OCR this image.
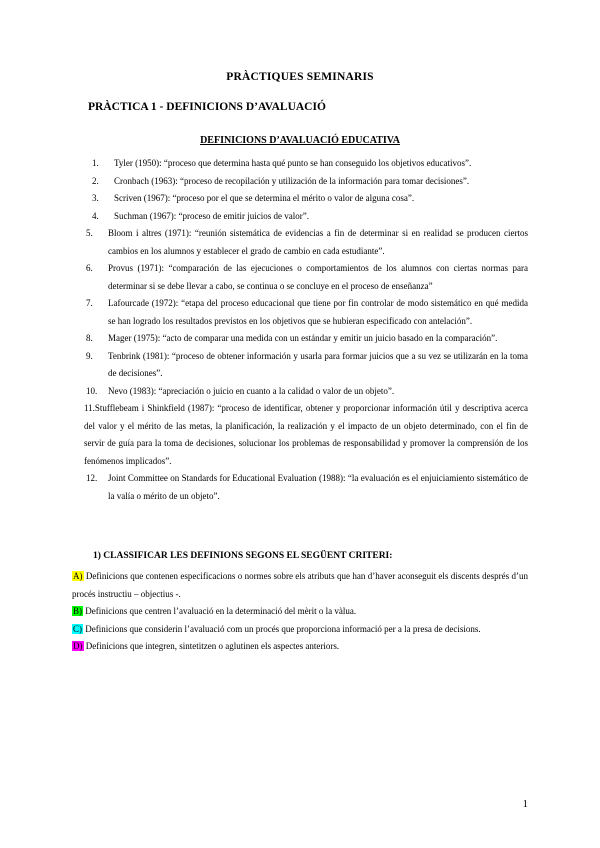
PRÀCTIQUES SEMINARIS
PRÀCTICA 1 - DEFINICIONS D’AVALUACIÓ
DEFINICIONS D’AVALUACIÓ EDUCATIVA

1. Tyler (1950): “proceso que determina hasta qué punto se han conseguido los objetivos educativos”.

2. Cronbach (1963): “proceso de recopilación y utilización de la información para tomar decisiones”.

3. Scriven (1967): “proceso por el que se determina el mérito o valor de alguna cosa”.

4. Suchman (1967): “proceso de emitir juicios de valor”.

5. Bloom i altres (1971): “reunión sistemática de evidencias a fin de determinar si en realidad se producen ciertos cambios en los alumnos y establecer el grado de cambio en cada estudiante”.

6. Provus (1971): “comparación de las ejecuciones o comportamientos de los alumnos con ciertas normas para determinar si se debe llevar a cabo, se continua o se concluye en el proceso de enseñanza”

7. Lafourcade (1972): “etapa del proceso educacional que tiene por fin controlar de modo sistemático en qué medida se han logrado los resultados previstos en los objetivos que se hubieran especificado con antelación”.

8. Mager (1975): “acto de comparar una medida con un estándar y emitir un juicio basado en la comparación”.

9. Tenbrink (1981): “proceso de obtener información y usarla para formar juicios que a su vez se utilizarán en la toma de decisiones”.

10. Nevo (1983): “apreciación o juicio en cuanto a la calidad o valor de un objeto”.

11.Stufflebeam i Shinkfield (1987): “proceso de identificar, obtener y proporcionar información útil y descriptiva acerca del valor y el mérito de las metas, la planificación, la realización y el impacto de un objeto determinado, con el fin de servir de guía para la toma de decisiones, solucionar los problemas de responsabilidad y promover la comprensión de los fenómenos implicados”.

12. Joint Committee on Standards for Educational Evaluation (1988): “la evaluación es el enjuiciamiento sistemático de la valía o mérito de un objeto”.

1) CLASSIFICAR LES DEFINIONS SEGONS EL SEGÜENT CRITERI:

A) Definicions que contenen especificacions o normes sobre els atributs que han d’haver aconseguit els discents després d’un procés instructiu – objectius -.

B) Definicions que centren l’avaluació en la determinació del mèrit o la vàlua.

C) Definicions que considerin l’avaluació com un procés que proporciona informació per a la presa de decisions.

D) Definicions que integren, sintetitzen o aglutinen els aspectes anteriors.

1
